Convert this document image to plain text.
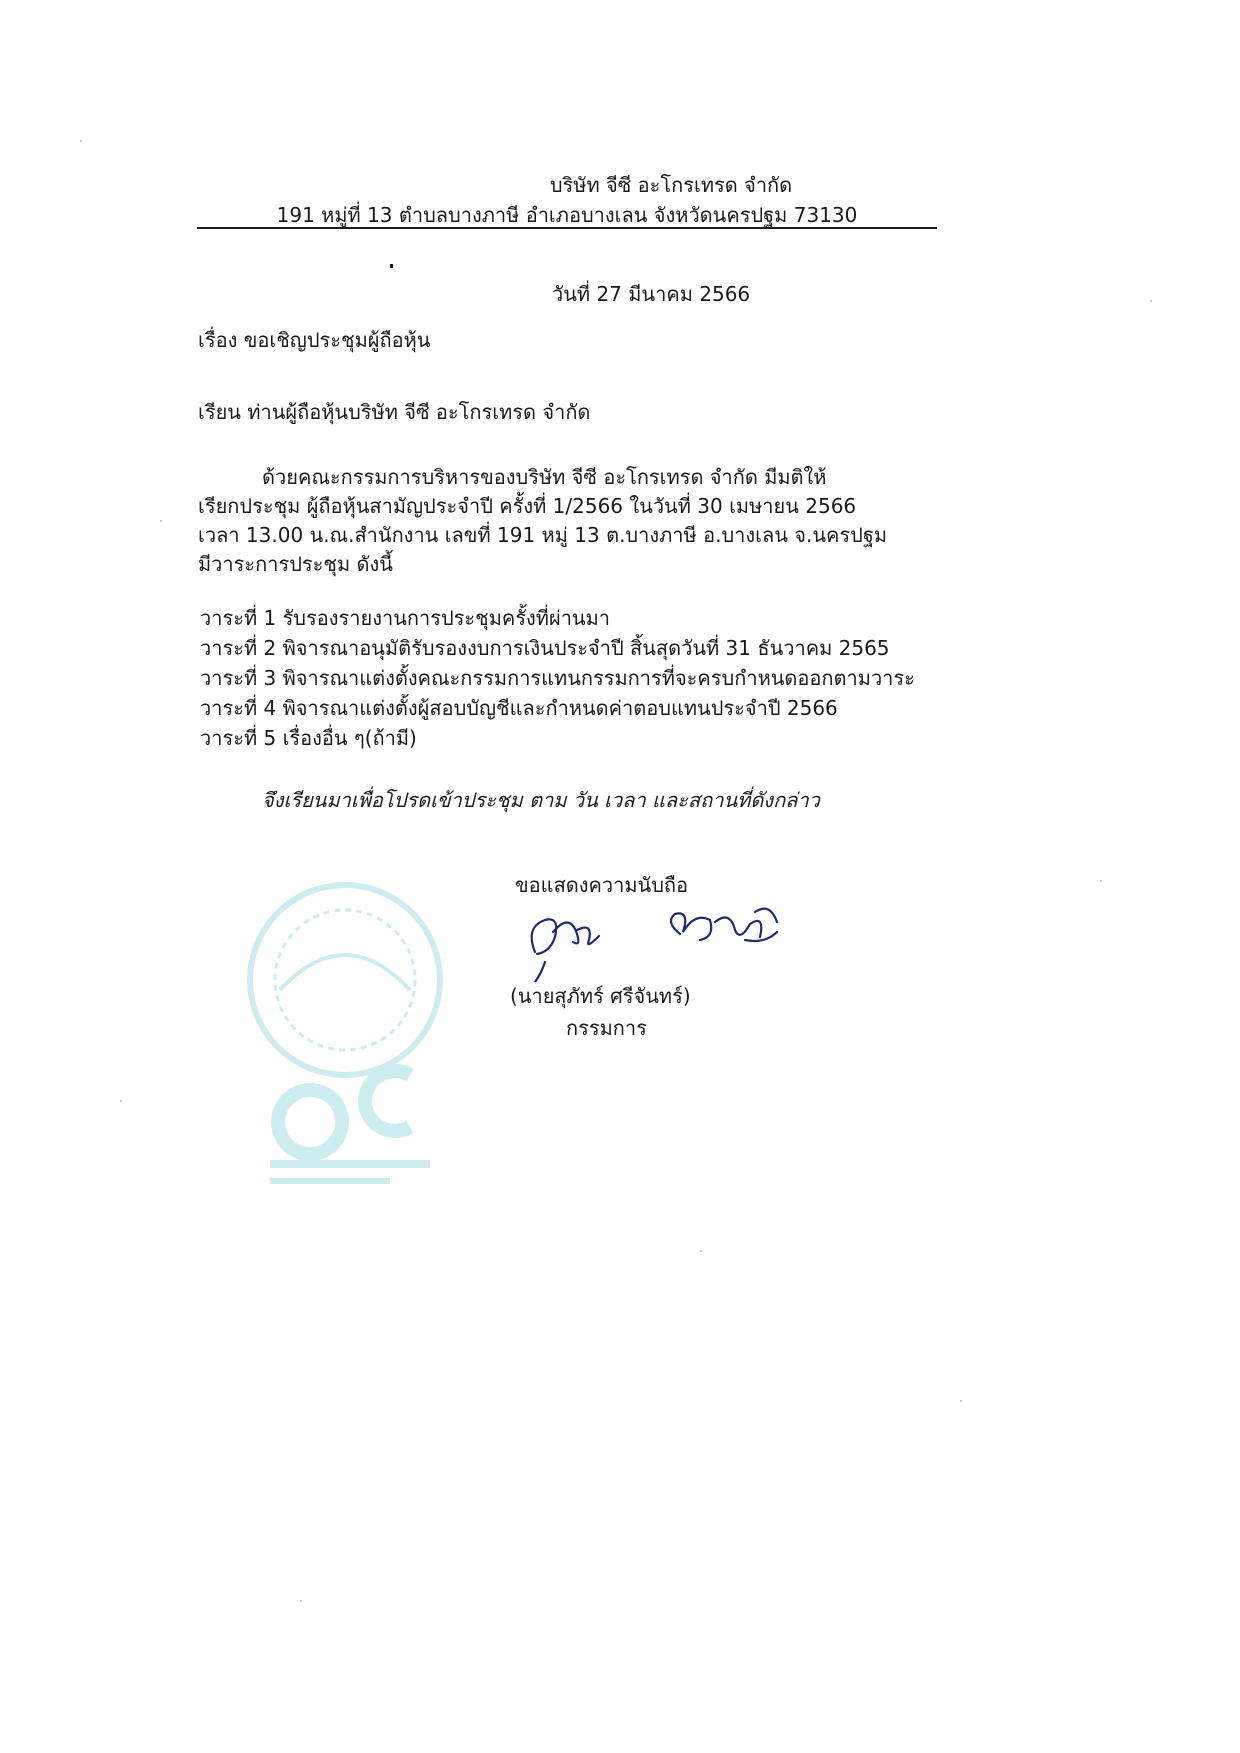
บริษัท จีซี อะโกรเทรด จำกัด
191 หมู่ที่ 13 ตำบลบางภาษี อำเภอบางเลน จังหวัดนครปฐม 73130
วันที่ 27 มีนาคม 2566
เรื่อง ขอเชิญประชุมผู้ถือหุ้น
เรียน ท่านผู้ถือหุ้นบริษัท จีซี อะโกรเทรด จำกัด
ด้วยคณะกรรมการบริหารของบริษัท จีซี อะโกรเทรด จำกัด มีมติให้
เรียกประชุม ผู้ถือหุ้นสามัญประจำปี ครั้งที่ 1/2566 ในวันที่ 30 เมษายน 2566
เวลา 13.00 น.ณ.สำนักงาน เลขที่ 191 หมู่ 13 ต.บางภาษี อ.บางเลน จ.นครปฐม
มีวาระการประชุม ดังนี้
วาระที่ 1 รับรองรายงานการประชุมครั้งที่ผ่านมา
วาระที่ 2 พิจารณาอนุมัติรับรองงบการเงินประจำปี สิ้นสุดวันที่ 31 ธันวาคม 2565
วาระที่ 3 พิจารณาแต่งตั้งคณะกรรมการแทนกรรมการที่จะครบกำหนดออกตามวาระ
วาระที่ 4 พิจารณาแต่งตั้งผู้สอบบัญชีและกำหนดค่าตอบแทนประจำปี 2566
วาระที่ 5 เรื่องอื่น ๆ(ถ้ามี)
จึงเรียนมาเพื่อโปรดเข้าประชุม ตาม วัน เวลา และสถานที่ดังกล่าว
ขอแสดงความนับถือ
(นายสุภัทร์ ศรีจันทร์)
กรรมการ
